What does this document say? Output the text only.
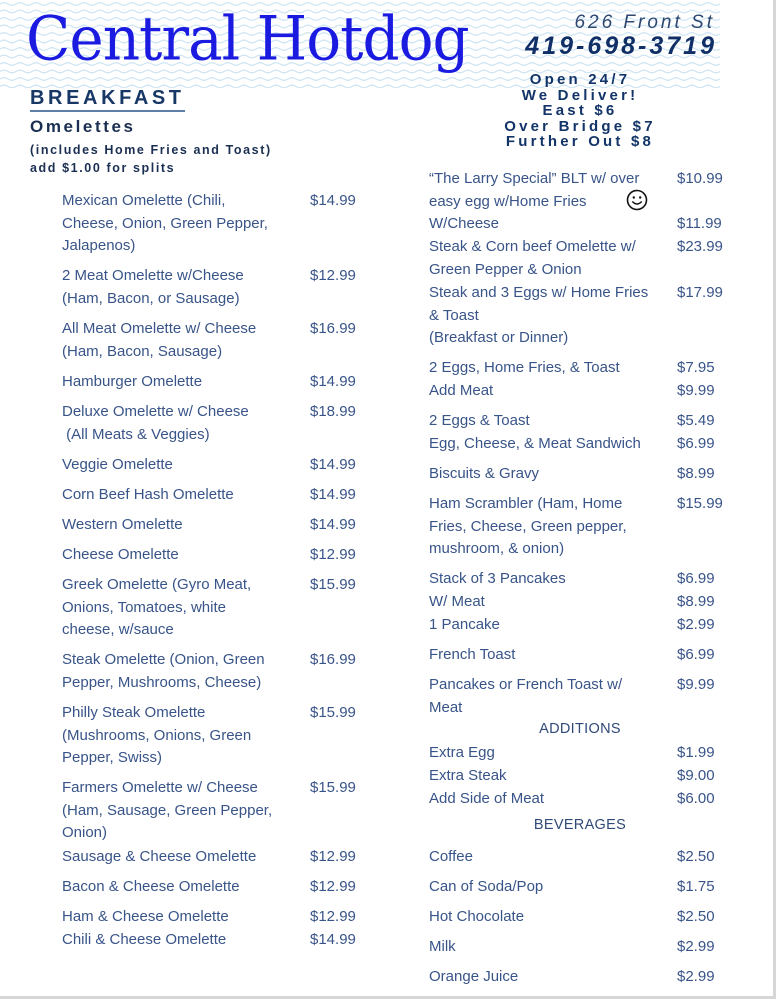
Central Hotdog	626 Front St
419-698-3719
Open 24/7
We Deliver!
East $6
Over Bridge $7
Further Out $8
BREAKFAST
Omelettes
(includes Home Fries and Toast)
add $1.00 for splits
Mexican Omelette (Chili,
Cheese, Onion, Green Pepper,
Jalapenos)
$14.99
2 Meat Omelette w/Cheese
(Ham, Bacon, or Sausage)
$12.99
All Meat Omelette w/ Cheese
(Ham, Bacon, Sausage)
$16.99
Hamburger Omelette	$14.99
Deluxe Omelette w/ Cheese
(All Meats & Veggies)
$18.99
Veggie Omelette	$14.99
Corn Beef Hash Omelette	$14.99
Western Omelette	$14.99
Cheese Omelette	$12.99
Greek Omelette (Gyro Meat,
Onions, Tomatoes, white
cheese, w/sauce
$15.99
Steak Omelette (Onion, Green
Pepper, Mushrooms, Cheese)
$16.99
Philly Steak Omelette
(Mushrooms, Onions, Green
Pepper, Swiss)
$15.99
Farmers Omelette w/ Cheese
(Ham, Sausage, Green Pepper,
Onion)
$15.99
Sausage & Cheese Omelette	$12.99
Bacon & Cheese Omelette	$12.99
Ham & Cheese Omelette	$12.99
Chili & Cheese Omelette	$14.99
“The Larry Special” BLT w/ over
easy egg w/Home Fries
$10.99
W/Cheese	$11.99
Steak & Corn beef Omelette w/
Green Pepper & Onion
$23.99
Steak and 3 Eggs w/ Home Fries
& Toast
(Breakfast or Dinner)
$17.99
2 Eggs, Home Fries, & Toast	$7.95
Add Meat	$9.99
2 Eggs & Toast	$5.49
Egg, Cheese, & Meat Sandwich	$6.99
Biscuits & Gravy	$8.99
Ham Scrambler (Ham, Home
Fries, Cheese, Green pepper,
mushroom, & onion)
$15.99
Stack of 3 Pancakes	$6.99
W/ Meat	$8.99
1 Pancake	$2.99
French Toast	$6.99
Pancakes or French Toast w/
Meat
$9.99
ADDITIONS
Extra Egg	$1.99
Extra Steak	$9.00
Add Side of Meat	$6.00
BEVERAGES
Coffee	$2.50
Can of Soda/Pop	$1.75
Hot Chocolate	$2.50
Milk	$2.99
Orange Juice	$2.99
